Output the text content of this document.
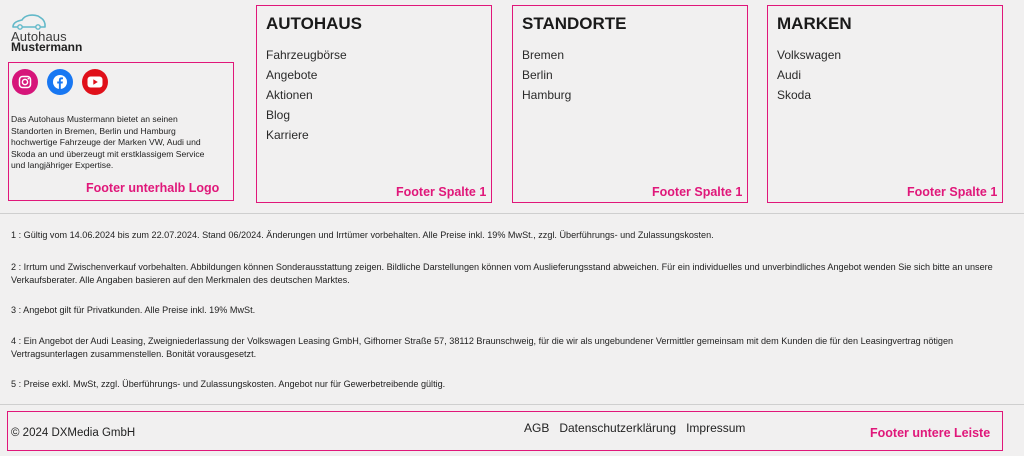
Autohaus
Mustermann

Das Autohaus Mustermann bietet an seinen Standorten in Bremen, Berlin und Hamburg hochwertige Fahrzeuge der Marken VW, Audi und Skoda an und überzeugt mit erstklassigem Service und langjähriger Expertise.

Footer unterhalb Logo
AUTOHAUS
Fahrzeugbörse
Angebote
Aktionen
Blog
Karriere
Footer Spalte 1
STANDORTE
Bremen
Berlin
Hamburg
Footer Spalte 1
MARKEN
Volkswagen
Audi
Skoda
Footer Spalte 1

1 : Gültig vom 14.06.2024 bis zum 22.07.2024. Stand 06/2024. Änderungen und Irrtümer vorbehalten. Alle Preise inkl. 19% MwSt., zzgl. Überführungs- und Zulassungskosten.

2 : Irrtum und Zwischenverkauf vorbehalten. Abbildungen können Sonderausstattung zeigen. Bildliche Darstellungen können vom Auslieferungsstand abweichen. Für ein individuelles und unverbindliches Angebot wenden Sie sich bitte an unsere Verkaufsberater. Alle Angaben basieren auf den Merkmalen des deutschen Marktes.

3 : Angebot gilt für Privatkunden. Alle Preise inkl. 19% MwSt.

4 : Ein Angebot der Audi Leasing, Zweigniederlassung der Volkswagen Leasing GmbH, Gifhorner Straße 57, 38112 Braunschweig, für die wir als ungebundener Vermittler gemeinsam mit dem Kunden die für den Leasingvertrag nötigen Vertragsunterlagen zusammenstellen. Bonität vorausgesetzt.

5 : Preise exkl. MwSt, zzgl. Überführungs- und Zulassungskosten. Angebot nur für Gewerbetreibende gültig.

© 2024 DXMedia GmbH	AGB Datenschutzerklärung Impressum	Footer untere Leiste
